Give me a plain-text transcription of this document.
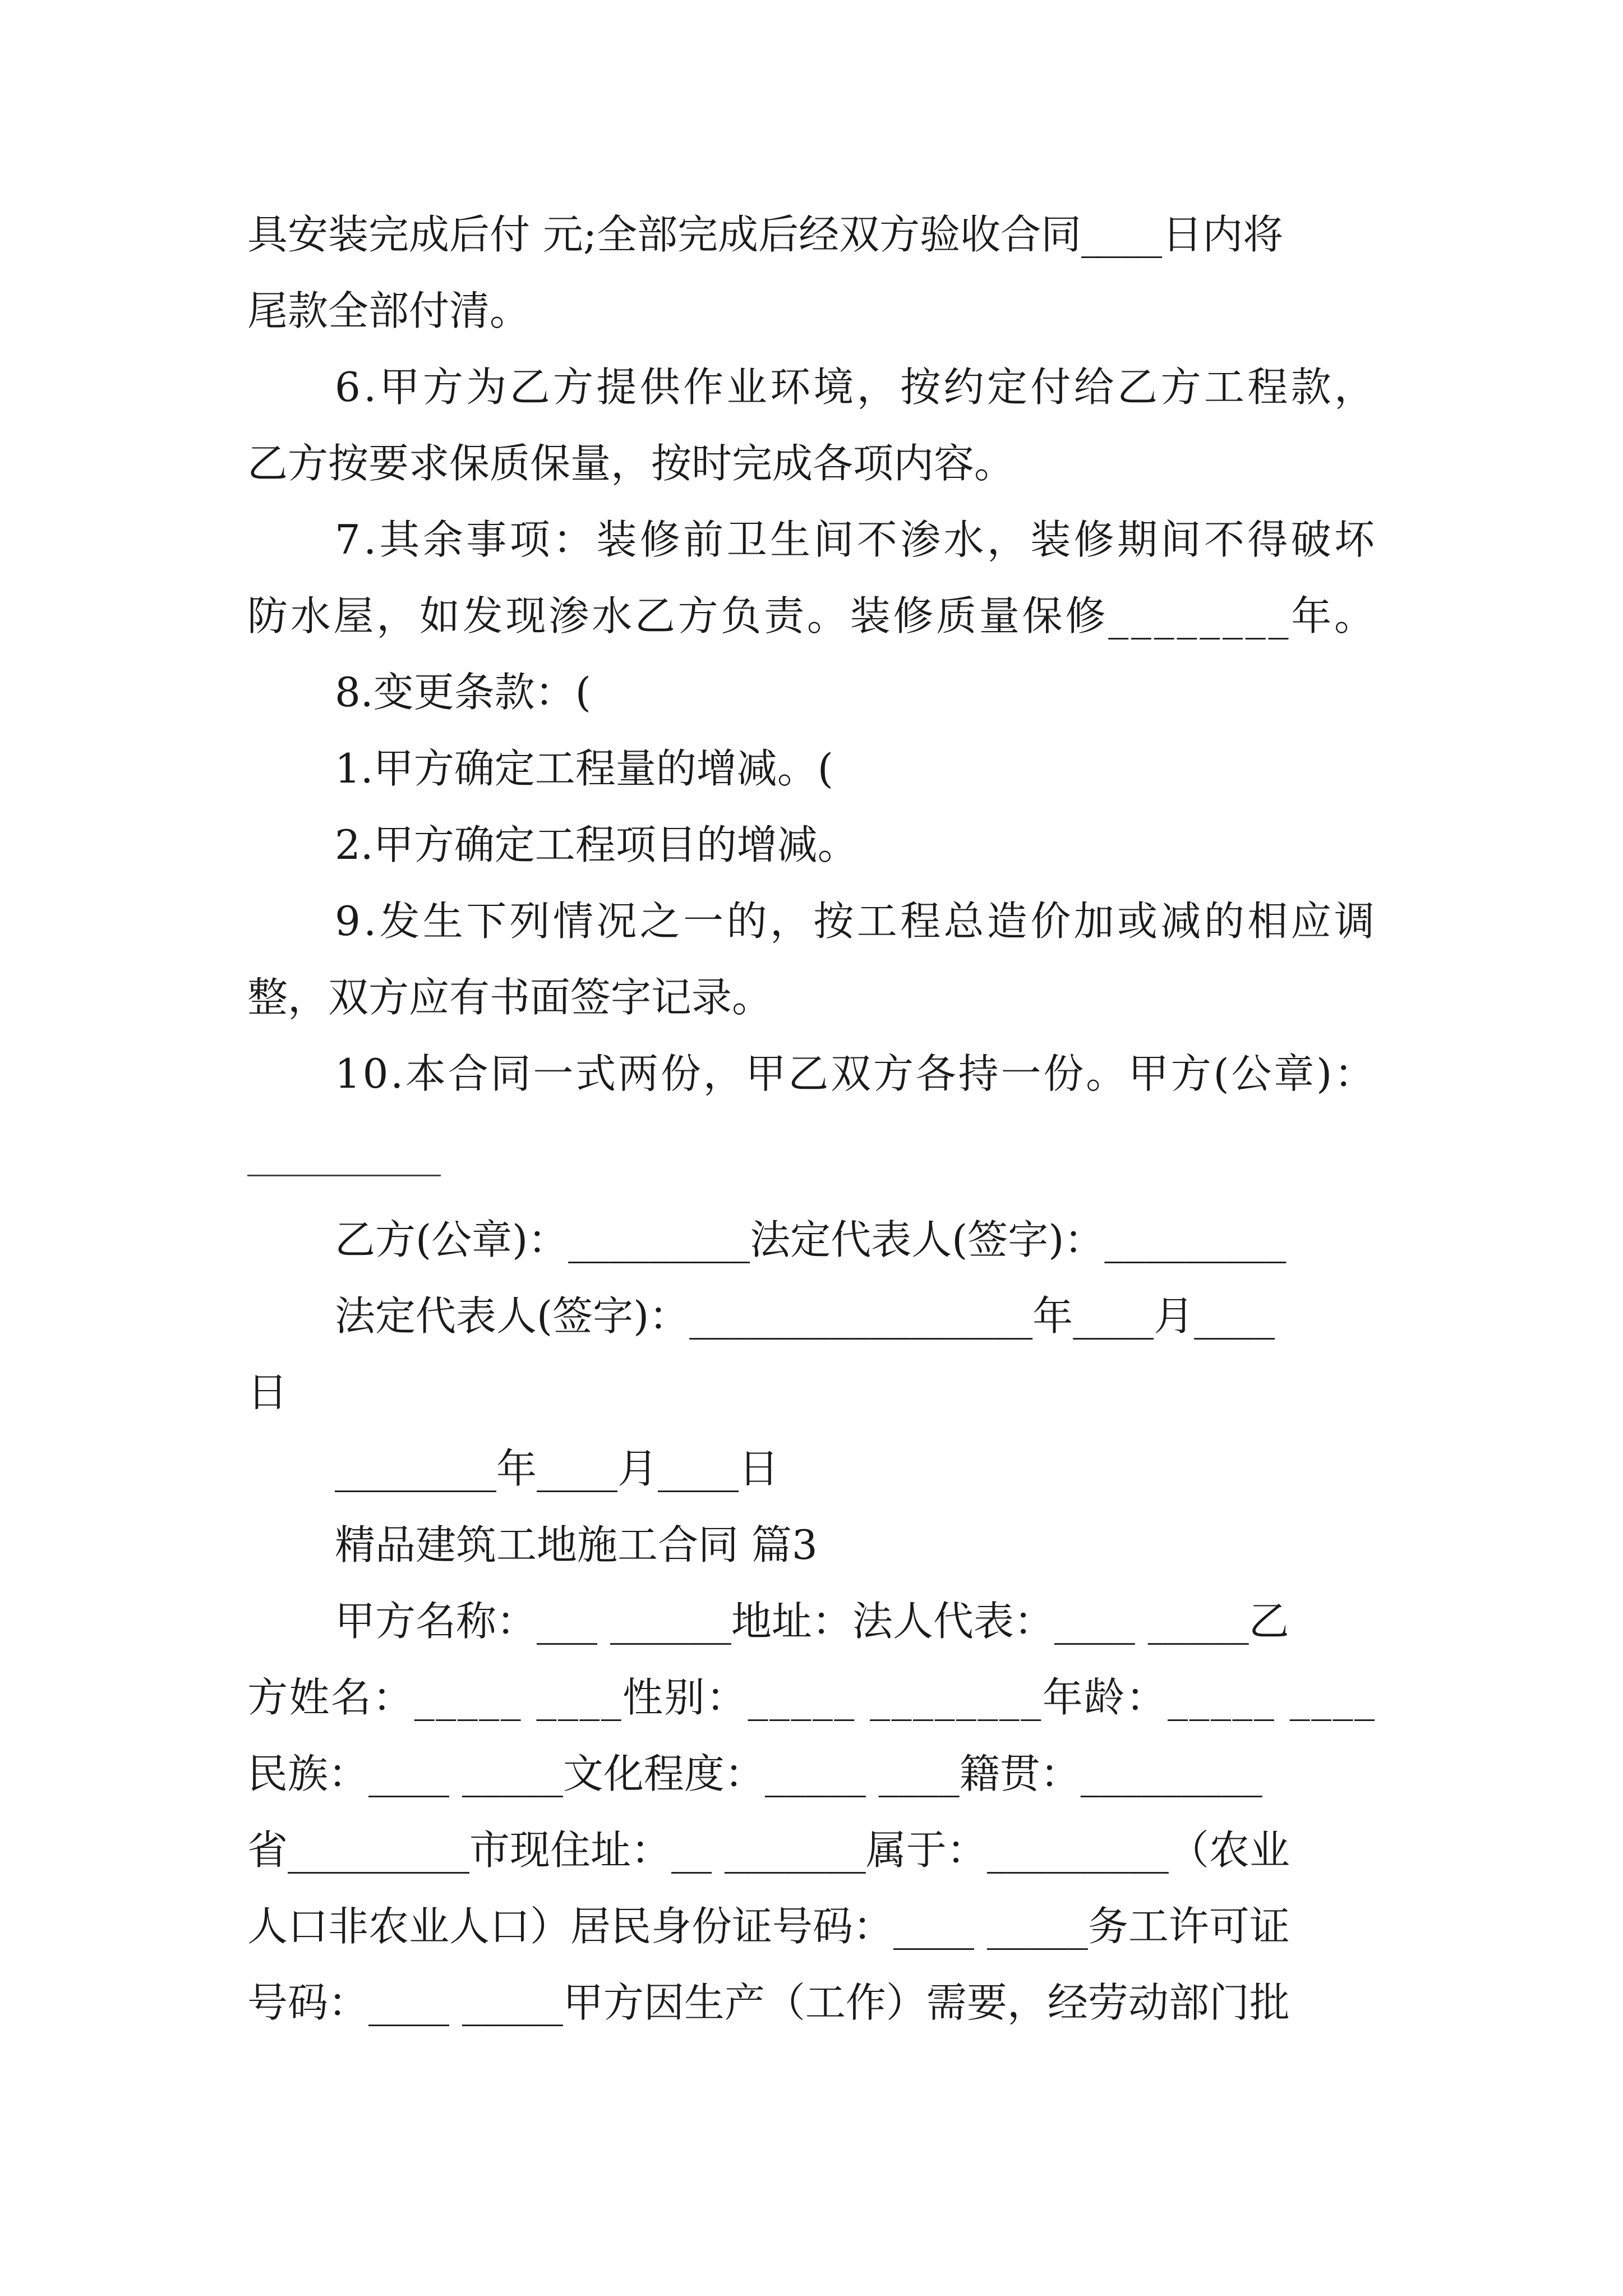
具安装完成后付 元;全部完成后经双方验收合同____日内将
尾款全部付清。
6.甲方为乙方提供作业环境，按约定付给乙方工程款，
乙方按要求保质保量，按时完成各项内容。
7.其余事项：装修前卫生间不渗水，装修期间不得破坏
防水屋，如发现渗水乙方负责。装修质量保修________年。
8.变更条款：(
1.甲方确定工程量的增减。(
2.甲方确定工程项目的增减。
9.发生下列情况之一的，按工程总造价加或减的相应调
整，双方应有书面签字记录。
10.本合同一式两份，甲乙双方各持一份。甲方(公章)：
乙方(公章)：_________法定代表人(签字)：_________
法定代表人(签字)：_________________年____月____
日
________年____月____日
精品建筑工地施工合同 篇3
甲方名称：___ ______地址：法人代表：____ _____乙
方姓名：_____ ____性别：_____ ________年龄：_____ ____
民族：____ _____文化程度：_____ ____籍贯：_________
省_________市现住址：__ _______属于：_________（农业
人口非农业人口）居民身份证号码：____ _____务工许可证
号码：____ _____甲方因生产（工作）需要，经劳动部门批
